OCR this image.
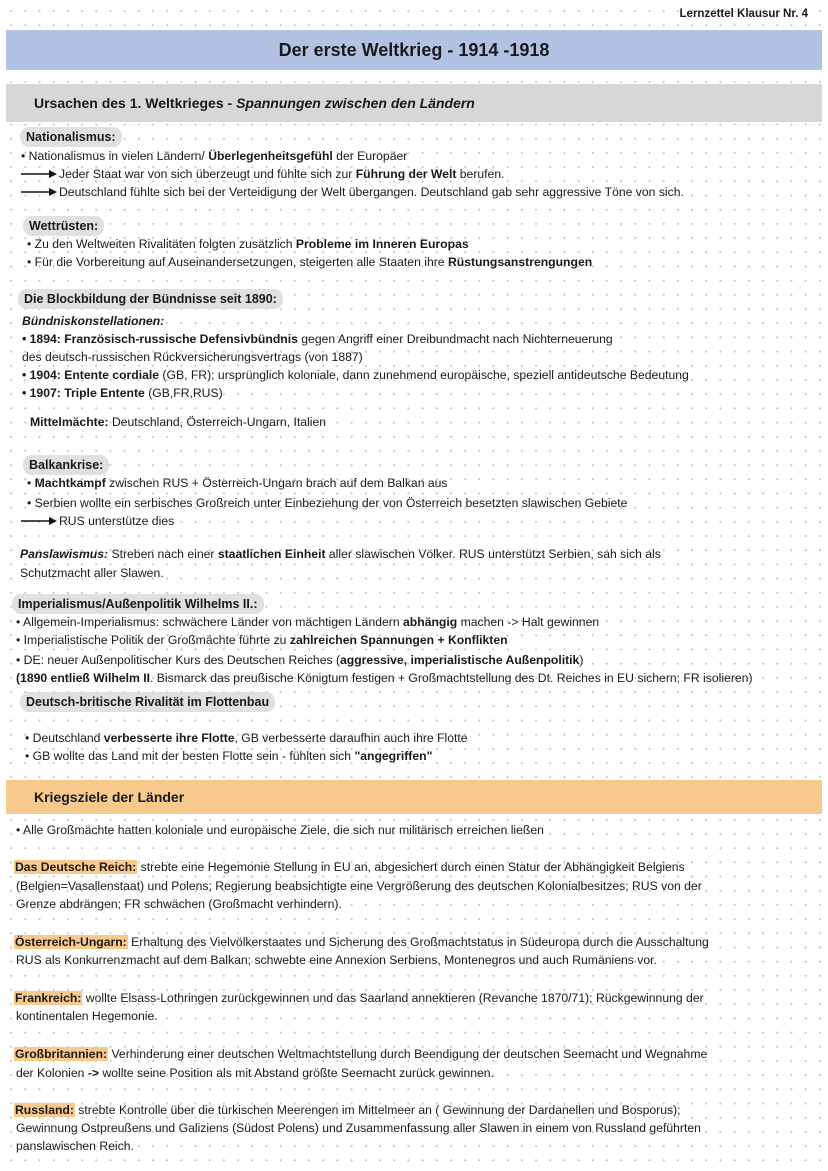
Lernzettel Klausur Nr. 4
Der erste Weltkrieg - 1914 -1918
Ursachen des 1. Weltkrieges - Spannungen zwischen den Ländern
Nationalismus:
• Nationalismus in vielen Ländern/ Überlegenheitsgefühl der Europäer
Jeder Staat war von sich überzeugt und fühlte sich zur Führung der Welt berufen.
Deutschland fühlte sich bei der Verteidigung der Welt übergangen. Deutschland gab sehr aggressive Töne von sich.
Wettrüsten:
• Zu den Weltweiten Rivalitäten folgten zusätzlich Probleme im Inneren Europas
• Für die Vorbereitung auf Auseinandersetzungen, steigerten alle Staaten ihre Rüstungsanstrengungen
Die Blockbildung der Bündnisse seit 1890:
Bündniskonstellationen:
• 1894: Französisch-russische Defensivbündnis gegen Angriff einer Dreibundmacht nach Nichterneuerung
des deutsch-russischen Rückversicherungsvertrags (von 1887)
• 1904: Entente cordiale (GB, FR); ursprünglich koloniale, dann zunehmend europäische, speziell antideutsche Bedeutung
• 1907: Triple Entente (GB,FR,RUS)
Mittelmächte: Deutschland, Österreich-Ungarn, Italien
Balkankrise:
• Machtkampf zwischen RUS + Österreich-Ungarn brach auf dem Balkan aus
• Serbien wollte ein serbisches Großreich unter Einbeziehung der von Österreich besetzten slawischen Gebiete
RUS unterstütze dies
Panslawismus: Streben nach einer staatlichen Einheit aller slawischen Völker. RUS unterstützt Serbien, sah sich als
Schutzmacht aller Slawen.
Imperialismus/Außenpolitik Wilhelms II.:
• Allgemein-Imperialismus: schwächere Länder von mächtigen Ländern abhängig machen -> Halt gewinnen
• Imperialistische Politik der Großmächte führte zu zahlreichen Spannungen + Konflikten
• DE: neuer Außenpolitischer Kurs des Deutschen Reiches (aggressive, imperialistische Außenpolitik)
(1890 entließ Wilhelm II. Bismarck das preußische Königtum festigen + Großmachtstellung des Dt. Reiches in EU sichern; FR isolieren)
Deutsch-britische Rivalität im Flottenbau
• Deutschland verbesserte ihre Flotte, GB verbesserte daraufhin auch ihre Flotte
• GB wollte das Land mit der besten Flotte sein - fühlten sich "angegriffen"
Kriegsziele der Länder
• Alle Großmächte hatten koloniale und europäische Ziele, die sich nur militärisch erreichen ließen
Das Deutsche Reich: strebte eine Hegemonie Stellung in EU an, abgesichert durch einen Statur der Abhängigkeit Belgiens
(Belgien=Vasallenstaat) und Polens; Regierung beabsichtigte eine Vergrößerung des deutschen Kolonialbesitzes; RUS von der
Grenze abdrängen; FR schwächen (Großmacht verhindern).
Österreich-Ungarn: Erhaltung des Vielvölkerstaates und Sicherung des Großmachtstatus in Südeuropa durch die Ausschaltung
RUS als Konkurrenzmacht auf dem Balkan; schwebte eine Annexion Serbiens, Montenegros und auch Rumäniens vor.
Frankreich: wollte Elsass-Lothringen zurückgewinnen und das Saarland annektieren (Revanche 1870/71); Rückgewinnung der
kontinentalen Hegemonie.
Großbritannien: Verhinderung einer deutschen Weltmachtstellung durch Beendigung der deutschen Seemacht und Wegnahme
der Kolonien -> wollte seine Position als mit Abstand größte Seemacht zurück gewinnen.
Russland: strebte Kontrolle über die türkischen Meerengen im Mittelmeer an ( Gewinnung der Dardanellen und Bosporus);
Gewinnung Ostpreußens und Galiziens (Südost Polens) und Zusammenfassung aller Slawen in einem von Russland geführten
panslawischen Reich.
